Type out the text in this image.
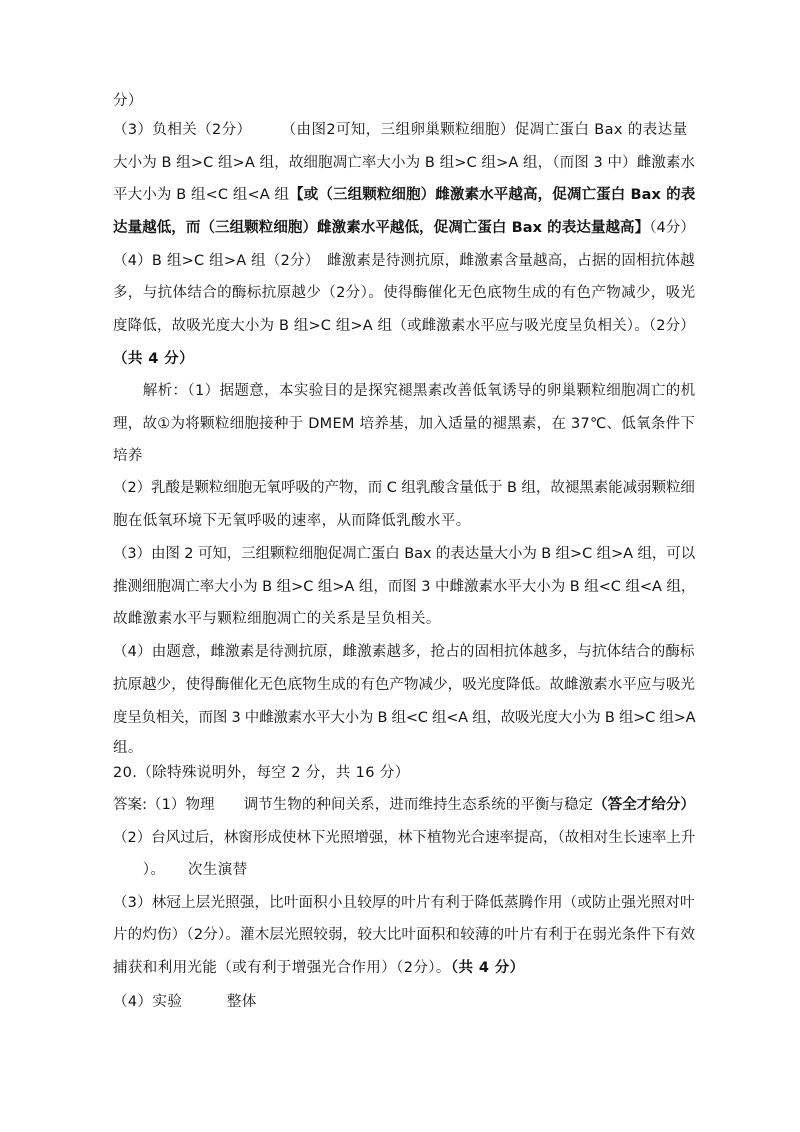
分）
（3）负相关（2分）　　　（由图2可知，三组卵巢颗粒细胞）促凋亡蛋白 Bax 的表达量
大小为 B 组>C 组>A 组，故细胞凋亡率大小为 B 组>C 组>A 组，（而图 3 中）雌激素水
平大小为 B 组<C 组<A 组【或（三组颗粒细胞）雌激素水平越高，促凋亡蛋白 Bax 的表
达量越低，而（三组颗粒细胞）雌激素水平越低，促凋亡蛋白 Bax 的表达量越高】（4分）
（4）B 组>C 组>A 组（2分）　雌激素是待测抗原，雌激素含量越高，占据的固相抗体越
多，与抗体结合的酶标抗原越少（2分）。使得酶催化无色底物生成的有色产物减少，吸光
度降低，故吸光度大小为 B 组>C 组>A 组（或雌激素水平应与吸光度呈负相关）。（2分）
（共 4 分）
　　解析：（1）据题意，本实验目的是探究褪黑素改善低氧诱导的卵巢颗粒细胞凋亡的机
理，故①为将颗粒细胞接种于 DMEM 培养基，加入适量的褪黑素，在 37℃、低氧条件下
培养
（2）乳酸是颗粒细胞无氧呼吸的产物，而 C 组乳酸含量低于 B 组，故褪黑素能减弱颗粒细
胞在低氧环境下无氧呼吸的速率，从而降低乳酸水平。
（3）由图 2 可知，三组颗粒细胞促凋亡蛋白 Bax 的表达量大小为 B 组>C 组>A 组，可以
推测细胞凋亡率大小为 B 组>C 组>A 组，而图 3 中雌激素水平大小为 B 组<C 组<A 组，
故雌激素水平与颗粒细胞凋亡的关系是呈负相关。
（4）由题意，雌激素是待测抗原，雌激素越多，抢占的固相抗体越多，与抗体结合的酶标
抗原越少，使得酶催化无色底物生成的有色产物减少，吸光度降低。故雌激素水平应与吸光
度呈负相关，而图 3 中雌激素水平大小为 B 组<C 组<A 组，故吸光度大小为 B 组>C 组>A
组。
20.（除特殊说明外，每空 2 分，共 16 分）
答案:（1）物理　　调节生物的种间关系，进而维持生态系统的平衡与稳定（答全才给分）
（2）台风过后，林窗形成使林下光照增强，林下植物光合速率提高，（故相对生长速率上升
　　）。　　次生演替
（3）林冠上层光照强，比叶面积小且较厚的叶片有利于降低蒸腾作用（或防止强光照对叶
片的灼伤）（2分）。灌木层光照较弱，较大比叶面积和较薄的叶片有利于在弱光条件下有效
捕获和利用光能（或有利于增强光合作用）（2分）。（共 4 分）
（4）实验　　　整体
